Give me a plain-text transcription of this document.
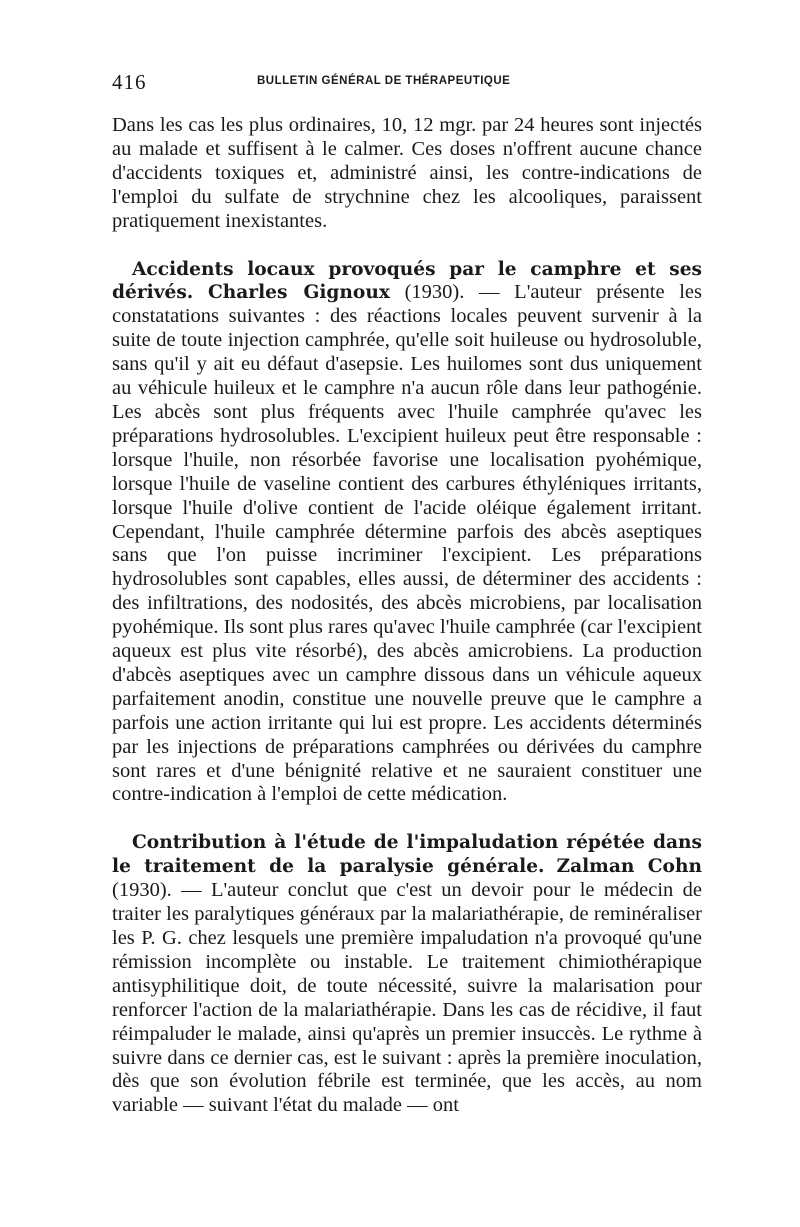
416	BULLETIN GÉNÉRAL DE THÉRAPEUTIQUE

Dans les cas les plus ordinaires, 10, 12 mgr. par 24 heures sont injectés au malade et suffisent à le calmer. Ces doses n'offrent aucune chance d'accidents toxiques et, administré ainsi, les contre-indications de l'emploi du sulfate de strychnine chez les alcooliques, paraissent pratiquement inexistantes.

Accidents locaux provoqués par le camphre et ses dérivés. Charles Gignoux (1930). — L'auteur présente les constatations suivantes : des réactions locales peuvent survenir à la suite de toute injection camphrée, qu'elle soit huileuse ou hydrosoluble, sans qu'il y ait eu défaut d'asepsie. Les huilomes sont dus uniquement au véhicule huileux et le camphre n'a aucun rôle dans leur pathogénie. Les abcès sont plus fréquents avec l'huile camphrée qu'avec les préparations hydrosolubles. L'excipient huileux peut être responsable : lorsque l'huile, non résorbée favorise une localisation pyohémique, lorsque l'huile de vaseline contient des carbures éthyléniques irritants, lorsque l'huile d'olive contient de l'acide oléique également irritant. Cependant, l'huile camphrée détermine parfois des abcès aseptiques sans que l'on puisse incriminer l'excipient. Les préparations hydrosolubles sont capables, elles aussi, de déterminer des accidents : des infiltrations, des nodosités, des abcès microbiens, par localisation pyohémique. Ils sont plus rares qu'avec l'huile camphrée (car l'excipient aqueux est plus vite résorbé), des abcès amicrobiens. La production d'abcès aseptiques avec un camphre dissous dans un véhicule aqueux parfaitement anodin, constitue une nouvelle preuve que le camphre a parfois une action irritante qui lui est propre. Les accidents déterminés par les injections de préparations camphrées ou dérivées du camphre sont rares et d'une bénignité relative et ne sauraient constituer une contre-indication à l'emploi de cette médication.

Contribution à l'étude de l'impaludation répétée dans le traitement de la paralysie générale. Zalman Cohn (1930). — L'auteur conclut que c'est un devoir pour le médecin de traiter les paralytiques généraux par la malariathérapie, de reminéraliser les P. G. chez lesquels une première impaludation n'a provoqué qu'une rémission incomplète ou instable. Le traitement chimiothérapique antisyphilitique doit, de toute nécessité, suivre la malarisation pour renforcer l'action de la malariathérapie. Dans les cas de récidive, il faut réimpaluder le malade, ainsi qu'après un premier insuccès. Le rythme à suivre dans ce dernier cas, est le suivant : après la première inoculation, dès que son évolution fébrile est terminée, que les accès, au nom variable — suivant l'état du malade — ont
